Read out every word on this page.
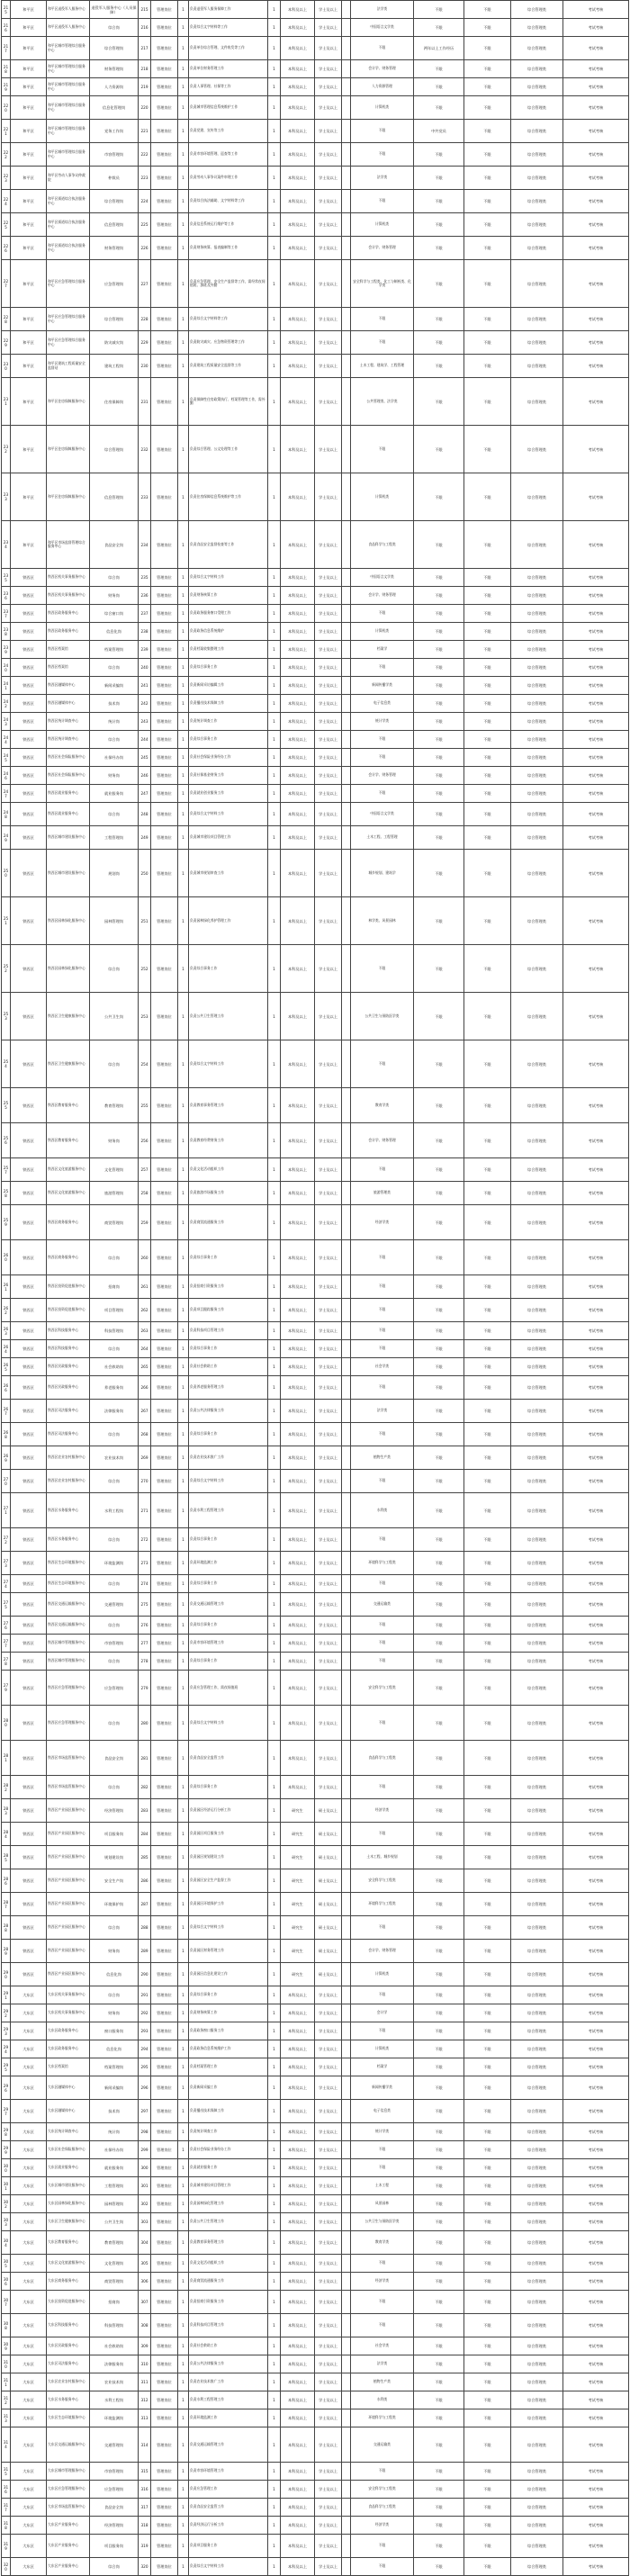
215	和平区	和平区退役军人服务中心	退役军人服务中心（人员保障）	215	管理岗位	1	负责退役军人服务保障工作	1	本科及以上	学士及以上		法学类	不限	不限	综合管理类	考试考核
216	和平区	和平区退役军人服务中心	综合岗	216	管理岗位	1	负责综合文字材料等工作	1	本科及以上	学士及以上		中国语言文学类	不限	不限	综合管理类	考试考核
217	和平区	和平区城市管理综合服务中心	综合管理岗	217	管理岗位	1	负责单位综合管理、文件收发等工作	1	本科及以上	学士及以上		不限	两年以上工作经历	不限	综合管理类	考试考核
218	和平区	和平区城市管理综合服务中心	财务管理岗	218	管理岗位	1	负责单位财务管理工作	1	本科及以上	学士及以上		会计学、财务管理	不限	不限	综合管理类	考试考核
219	和平区	和平区城市管理综合服务中心	人力资源岗	219	管理岗位	1	负责人事管理、社保等工作	1	本科及以上	学士及以上		人力资源管理	不限	不限	综合管理类	考试考核
220	和平区	和平区城市管理综合服务中心	信息化管理岗	220	管理岗位	1	负责城市管理信息系统维护工作	1	本科及以上	学士及以上		计算机类	不限	不限	综合管理类	考试考核
221	和平区	和平区城市管理综合服务中心	党务工作岗	221	管理岗位	1	负责党建、宣传等工作	1	本科及以上	学士及以上		不限	中共党员	不限	综合管理类	考试考核
222	和平区	和平区城市管理综合服务中心	市容管理岗	222	管理岗位	1	负责市容环境管理、巡查等工作	1	本科及以上	学士及以上		不限	不限	不限	综合管理类	考试考核
223	和平区	和平区劳动人事争议仲裁院	仲裁员	223	管理岗位	1	负责劳动人事争议案件审理工作	1	本科及以上	学士及以上		法学类	不限	不限	综合管理类	考试考核
224	和平区	和平区街道综合执法服务中心	综合管理岗	224	管理岗位	1	负责综合执法辅助、文字材料等工作	1	本科及以上	学士及以上		不限	不限	不限	综合管理类	考试考核
225	和平区	和平区街道综合执法服务中心	信息管理岗	225	管理岗位	1	负责信息系统运行维护等工作	1	本科及以上	学士及以上		计算机类	不限	不限	综合管理类	考试考核
226	和平区	和平区街道综合执法服务中心	财务管理岗	226	管理岗位	1	负责财务核算、报表编制等工作	1	本科及以上	学士及以上		会计学、财务管理	不限	不限	综合管理类	考试考核
227	和平区	和平区应急管理综合服务中心	应急管理岗	227	管理岗位	1	负责应急管理、安全生产监督等工作，需经常夜间值班、加班及外勤	1	本科及以上	学士及以上		安全科学与工程类、化工与制药类、化学类	不限	不限	综合管理类	考试考核
228	和平区	和平区应急管理综合服务中心	综合管理岗	228	管理岗位	1	负责综合文字材料等工作	1	本科及以上	学士及以上		不限	不限	不限	综合管理类	考试考核
229	和平区	和平区应急管理综合服务中心	防灾减灾岗	229	管理岗位	1	负责防灾减灾、应急物资管理等工作	1	本科及以上	学士及以上		不限	不限	不限	综合管理类	考试考核
230	和平区	和平区建筑工程质量安全监督站	建筑工程岗	230	管理岗位	1	负责建筑工程质量安全监督等工作	1	本科及以上	学士及以上		土木工程、建筑学、工程管理	不限	不限	综合管理类	考试考核
231	和平区	和平区住房保障服务中心	住房保障岗	231	管理岗位	1	负责保障性住房政策执行、档案管理等工作，需外勤	1	本科及以上	学士及以上		公共管理类、法学类	不限	不限	综合管理类	考试考核
232	和平区	和平区住房保障服务中心	综合管理岗	232	管理岗位	1	负责综合管理、公文处理等工作	1	本科及以上	学士及以上		不限	不限	不限	综合管理类	考试考核
233	和平区	和平区住房保障服务中心	信息管理岗	233	管理岗位	1	负责住房保障信息系统维护等工作	1	本科及以上	学士及以上		计算机类	不限	不限	综合管理类	考试考核
234	和平区	和平区市场监督管理综合服务中心	食品安全岗	234	管理岗位	1	负责食品安全监督检查等工作	1	本科及以上	学士及以上		食品科学与工程类	不限	不限	综合管理类	考试考核
235	铁西区	铁西区机关事务服务中心	综合岗	235	管理岗位	1	负责综合文字材料工作	1	本科及以上	学士及以上		中国语言文学类	不限	不限	综合管理类	考试考核
236	铁西区	铁西区机关事务服务中心	财务岗	236	管理岗位	1	负责财务核算工作	1	本科及以上	学士及以上		会计学、财务管理	不限	不限	综合管理类	考试考核
237	铁西区	铁西区政务服务中心	综合窗口岗	237	管理岗位	1	负责政务服务窗口受理工作	1	本科及以上	学士及以上		不限	不限	不限	综合管理类	考试考核
238	铁西区	铁西区政务服务中心	信息化岗	238	管理岗位	1	负责政务信息系统维护	1	本科及以上	学士及以上		计算机类	不限	不限	综合管理类	考试考核
239	铁西区	铁西区档案馆	档案管理岗	239	管理岗位	1	负责档案收集整理工作	1	本科及以上	学士及以上		档案学	不限	不限	综合管理类	考试考核
240	铁西区	铁西区档案馆	综合岗	240	管理岗位	1	负责综合事务工作	1	本科及以上	学士及以上		不限	不限	不限	综合管理类	考试考核
241	铁西区	铁西区融媒体中心	新闻采编岗	241	管理岗位	1	负责新闻采访编辑工作	1	本科及以上	学士及以上		新闻传播学类	不限	不限	综合管理类	考试考核
242	铁西区	铁西区融媒体中心	技术岗	242	管理岗位	1	负责播出技术保障工作	1	本科及以上	学士及以上		电子信息类	不限	不限	综合管理类	考试考核
243	铁西区	铁西区统计调查中心	统计岗	243	管理岗位	1	负责统计调查工作	1	本科及以上	学士及以上		统计学类	不限	不限	综合管理类	考试考核
244	铁西区	铁西区统计调查中心	综合岗	244	管理岗位	1	负责综合事务工作	1	本科及以上	学士及以上		不限	不限	不限	综合管理类	考试考核
245	铁西区	铁西区社会保险服务中心	社保经办岗	245	管理岗位	1	负责社会保险业务经办工作	1	本科及以上	学士及以上		不限	不限	不限	综合管理类	考试考核
246	铁西区	铁西区社会保险服务中心	财务岗	246	管理岗位	1	负责社保基金财务工作	1	本科及以上	学士及以上		会计学、财务管理	不限	不限	综合管理类	考试考核
247	铁西区	铁西区就业服务中心	就业服务岗	247	管理岗位	1	负责就业创业服务工作	1	本科及以上	学士及以上		不限	不限	不限	综合管理类	考试考核
248	铁西区	铁西区就业服务中心	综合岗	248	管理岗位	1	负责综合文字材料工作	1	本科及以上	学士及以上		中国语言文学类	不限	不限	综合管理类	考试考核
249	铁西区	铁西区城市建设服务中心	工程管理岗	249	管理岗位	1	负责城市建设项目管理工作	1	本科及以上	学士及以上		土木工程、工程管理	不限	不限	综合管理类	考试考核
250	铁西区	铁西区城市建设服务中心	规划岗	250	管理岗位	1	负责城市规划审查工作	1	本科及以上	学士及以上		城乡规划、建筑学	不限	不限	综合管理类	考试考核
251	铁西区	铁西区园林绿化服务中心	园林管理岗	251	管理岗位	1	负责园林绿化养护管理工作	1	本科及以上	学士及以上		林学类、风景园林	不限	不限	综合管理类	考试考核
252	铁西区	铁西区园林绿化服务中心	综合岗	252	管理岗位	1	负责综合事务工作	1	本科及以上	学士及以上		不限	不限	不限	综合管理类	考试考核
253	铁西区	铁西区卫生健康服务中心	公共卫生岗	253	管理岗位	1	负责公共卫生管理工作	1	本科及以上	学士及以上		公共卫生与预防医学类	不限	不限	综合管理类	考试考核
254	铁西区	铁西区卫生健康服务中心	综合岗	254	管理岗位	1	负责综合文字材料工作	1	本科及以上	学士及以上		不限	不限	不限	综合管理类	考试考核
255	铁西区	铁西区教育服务中心	教育管理岗	255	管理岗位	1	负责教育事务管理工作	1	本科及以上	学士及以上		教育学类	不限	不限	综合管理类	考试考核
256	铁西区	铁西区教育服务中心	财务岗	256	管理岗位	1	负责教育经费财务工作	1	本科及以上	学士及以上		会计学、财务管理	不限	不限	综合管理类	考试考核
257	铁西区	铁西区文化旅游服务中心	文化管理岗	257	管理岗位	1	负责文化活动组织工作	1	本科及以上	学士及以上		不限	不限	不限	综合管理类	考试考核
258	铁西区	铁西区文化旅游服务中心	旅游管理岗	258	管理岗位	1	负责旅游市场服务工作	1	本科及以上	学士及以上		旅游管理类	不限	不限	综合管理类	考试考核
259	铁西区	铁西区商务服务中心	商贸管理岗	259	管理岗位	1	负责商贸流通服务工作	1	本科及以上	学士及以上		经济学类	不限	不限	综合管理类	考试考核
260	铁西区	铁西区商务服务中心	综合岗	260	管理岗位	1	负责综合事务工作	1	本科及以上	学士及以上		不限	不限	不限	综合管理类	考试考核
261	铁西区	铁西区投资促进服务中心	招商岗	261	管理岗位	1	负责招商引资服务工作	1	本科及以上	学士及以上		不限	不限	不限	综合管理类	考试考核
262	铁西区	铁西区投资促进服务中心	项目管理岗	262	管理岗位	1	负责项目跟踪服务工作	1	本科及以上	学士及以上		不限	不限	不限	综合管理类	考试考核
263	铁西区	铁西区科技服务中心	科技管理岗	263	管理岗位	1	负责科技项目管理工作	1	本科及以上	学士及以上		不限	不限	不限	综合管理类	考试考核
264	铁西区	铁西区科技服务中心	综合岗	264	管理岗位	1	负责综合事务工作	1	本科及以上	学士及以上		不限	不限	不限	综合管理类	考试考核
265	铁西区	铁西区民政服务中心	社会救助岗	265	管理岗位	1	负责社会救助工作	1	本科及以上	学士及以上		社会学类	不限	不限	综合管理类	考试考核
266	铁西区	铁西区民政服务中心	养老服务岗	266	管理岗位	1	负责养老服务管理工作	1	本科及以上	学士及以上		不限	不限	不限	综合管理类	考试考核
267	铁西区	铁西区司法服务中心	法律服务岗	267	管理岗位	1	负责公共法律服务工作	1	本科及以上	学士及以上		法学类	不限	不限	综合管理类	考试考核
268	铁西区	铁西区司法服务中心	综合岗	268	管理岗位	1	负责综合事务工作	1	本科及以上	学士及以上		不限	不限	不限	综合管理类	考试考核
269	铁西区	铁西区农业农村服务中心	农业技术岗	269	管理岗位	1	负责农业技术推广工作	1	本科及以上	学士及以上		植物生产类	不限	不限	综合管理类	考试考核
270	铁西区	铁西区农业农村服务中心	综合岗	270	管理岗位	1	负责综合文字材料工作	1	本科及以上	学士及以上		不限	不限	不限	综合管理类	考试考核
271	铁西区	铁西区水务服务中心	水利工程岗	271	管理岗位	1	负责水利工程管理工作	1	本科及以上	学士及以上		水利类	不限	不限	综合管理类	考试考核
272	铁西区	铁西区水务服务中心	综合岗	272	管理岗位	1	负责综合事务工作	1	本科及以上	学士及以上		不限	不限	不限	综合管理类	考试考核
273	铁西区	铁西区生态环境服务中心	环境监测岗	273	管理岗位	1	负责环境监测工作	1	本科及以上	学士及以上		环境科学与工程类	不限	不限	综合管理类	考试考核
274	铁西区	铁西区生态环境服务中心	综合岗	274	管理岗位	1	负责综合事务工作	1	本科及以上	学士及以上		不限	不限	不限	综合管理类	考试考核
275	铁西区	铁西区交通运输服务中心	交通管理岗	275	管理岗位	1	负责交通运输管理工作	1	本科及以上	学士及以上		交通运输类	不限	不限	综合管理类	考试考核
276	铁西区	铁西区交通运输服务中心	综合岗	276	管理岗位	1	负责综合事务工作	1	本科及以上	学士及以上		不限	不限	不限	综合管理类	考试考核
277	铁西区	铁西区城市管理服务中心	市容管理岗	277	管理岗位	1	负责市容环境管理工作	1	本科及以上	学士及以上		不限	不限	不限	综合管理类	考试考核
278	铁西区	铁西区城市管理服务中心	综合岗	278	管理岗位	1	负责综合事务工作	1	本科及以上	学士及以上		不限	不限	不限	综合管理类	考试考核
279	铁西区	铁西区应急管理服务中心	应急管理岗	279	管理岗位	1	负责应急管理工作，需夜间值班	1	本科及以上	学士及以上		安全科学与工程类	不限	不限	综合管理类	考试考核
280	铁西区	铁西区应急管理服务中心	综合岗	280	管理岗位	1	负责综合文字材料工作	1	本科及以上	学士及以上		不限	不限	不限	综合管理类	考试考核
281	铁西区	铁西区市场监管服务中心	食品安全岗	281	管理岗位	1	负责食品安全监管工作	1	本科及以上	学士及以上		食品科学与工程类	不限	不限	综合管理类	考试考核
282	铁西区	铁西区市场监管服务中心	综合岗	282	管理岗位	1	负责综合事务工作	1	本科及以上	学士及以上		不限	不限	不限	综合管理类	考试考核
283	铁西区	铁西区产业园区服务中心	经济管理岗	283	管理岗位	1	负责园区经济运行分析工作	1	研究生	硕士及以上		经济学类	不限	不限	综合管理类	考试考核
284	铁西区	铁西区产业园区服务中心	项目服务岗	284	管理岗位	1	负责园区项目服务工作	1	研究生	硕士及以上		不限	不限	不限	综合管理类	考试考核
285	铁西区	铁西区产业园区服务中心	规划建设岗	285	管理岗位	1	负责园区规划建设工作	1	研究生	硕士及以上		土木工程、城乡规划	不限	不限	综合管理类	考试考核
286	铁西区	铁西区产业园区服务中心	安全生产岗	286	管理岗位	1	负责园区安全生产监督工作	1	研究生	硕士及以上		安全科学与工程类	不限	不限	综合管理类	考试考核
287	铁西区	铁西区产业园区服务中心	环境保护岗	287	管理岗位	1	负责园区环境保护工作	1	研究生	硕士及以上		环境科学与工程类	不限	不限	综合管理类	考试考核
288	铁西区	铁西区产业园区服务中心	综合岗	288	管理岗位	1	负责综合文字材料工作	1	研究生	硕士及以上		不限	不限	不限	综合管理类	考试考核
289	铁西区	铁西区产业园区服务中心	财务岗	289	管理岗位	1	负责园区财务管理工作	1	研究生	硕士及以上		会计学、财务管理	不限	不限	综合管理类	考试考核
290	铁西区	铁西区产业园区服务中心	信息化岗	290	管理岗位	1	负责园区信息化建设工作	1	研究生	硕士及以上		计算机类	不限	不限	综合管理类	考试考核
291	大东区	大东区机关事务服务中心	综合岗	291	管理岗位	1	负责综合事务工作	1	本科及以上	学士及以上		不限	不限	不限	综合管理类	考试考核
292	大东区	大东区机关事务服务中心	财务岗	292	管理岗位	1	负责财务核算工作	1	本科及以上	学士及以上		会计学	不限	不限	综合管理类	考试考核
293	大东区	大东区政务服务中心	窗口服务岗	293	管理岗位	1	负责政务窗口服务工作	1	本科及以上	学士及以上		不限	不限	不限	综合管理类	考试考核
294	大东区	大东区政务服务中心	信息化岗	294	管理岗位	1	负责政务信息系统维护工作	1	本科及以上	学士及以上		计算机类	不限	不限	综合管理类	考试考核
295	大东区	大东区档案馆	档案管理岗	295	管理岗位	1	负责档案管理工作	1	本科及以上	学士及以上		档案学	不限	不限	综合管理类	考试考核
296	大东区	大东区融媒体中心	新闻采编岗	296	管理岗位	1	负责新闻采编工作	1	本科及以上	学士及以上		新闻传播学类	不限	不限	综合管理类	考试考核
297	大东区	大东区融媒体中心	技术岗	297	管理岗位	1	负责播出技术保障工作	1	本科及以上	学士及以上		电子信息类	不限	不限	综合管理类	考试考核
298	大东区	大东区统计调查中心	统计岗	298	管理岗位	1	负责统计调查工作	1	本科及以上	学士及以上		统计学类	不限	不限	综合管理类	考试考核
299	大东区	大东区社会保险服务中心	社保经办岗	299	管理岗位	1	负责社会保险业务经办工作	1	本科及以上	学士及以上		不限	不限	不限	综合管理类	考试考核
300	大东区	大东区就业服务中心	就业服务岗	300	管理岗位	1	负责就业服务工作	1	本科及以上	学士及以上		不限	不限	不限	综合管理类	考试考核
301	大东区	大东区城市建设服务中心	工程管理岗	301	管理岗位	1	负责城市建设项目管理工作	1	本科及以上	学士及以上		土木工程	不限	不限	综合管理类	考试考核
302	大东区	大东区园林绿化服务中心	园林管理岗	302	管理岗位	1	负责园林绿化管理工作	1	本科及以上	学士及以上		风景园林	不限	不限	综合管理类	考试考核
303	大东区	大东区卫生健康服务中心	公共卫生岗	303	管理岗位	1	负责公共卫生管理工作	1	本科及以上	学士及以上		公共卫生与预防医学类	不限	不限	综合管理类	考试考核
304	大东区	大东区教育服务中心	教育管理岗	304	管理岗位	1	负责教育事务管理工作	1	本科及以上	学士及以上		教育学类	不限	不限	综合管理类	考试考核
305	大东区	大东区文化旅游服务中心	文化管理岗	305	管理岗位	1	负责文化活动组织工作	1	本科及以上	学士及以上		不限	不限	不限	综合管理类	考试考核
306	大东区	大东区商务服务中心	商贸管理岗	306	管理岗位	1	负责商贸流通服务工作	1	本科及以上	学士及以上		经济学类	不限	不限	综合管理类	考试考核
307	大东区	大东区投资促进服务中心	招商岗	307	管理岗位	1	负责招商引资服务工作	1	本科及以上	学士及以上		不限	不限	不限	综合管理类	考试考核
308	大东区	大东区科技服务中心	科技管理岗	308	管理岗位	1	负责科技项目管理工作	1	本科及以上	学士及以上		不限	不限	不限	综合管理类	考试考核
309	大东区	大东区民政服务中心	社会救助岗	309	管理岗位	1	负责社会救助工作	1	本科及以上	学士及以上		社会学类	不限	不限	综合管理类	考试考核
310	大东区	大东区司法服务中心	法律服务岗	310	管理岗位	1	负责公共法律服务工作	1	本科及以上	学士及以上		法学类	不限	不限	综合管理类	考试考核
311	大东区	大东区农业农村服务中心	农业技术岗	311	管理岗位	1	负责农业技术推广工作	1	本科及以上	学士及以上		植物生产类	不限	不限	综合管理类	考试考核
312	大东区	大东区水务服务中心	水利工程岗	312	管理岗位	1	负责水利工程管理工作	1	本科及以上	学士及以上		水利类	不限	不限	综合管理类	考试考核
313	大东区	大东区生态环境服务中心	环境监测岗	313	管理岗位	1	负责环境监测工作	1	本科及以上	学士及以上		环境科学与工程类	不限	不限	综合管理类	考试考核
314	大东区	大东区交通运输服务中心	交通管理岗	314	管理岗位	1	负责交通运输管理工作	1	本科及以上	学士及以上		交通运输类	不限	不限	综合管理类	考试考核
315	大东区	大东区城市管理服务中心	市容管理岗	315	管理岗位	1	负责市容环境管理工作	1	本科及以上	学士及以上		不限	不限	不限	综合管理类	考试考核
316	大东区	大东区应急管理服务中心	应急管理岗	316	管理岗位	1	负责应急管理工作	1	本科及以上	学士及以上		安全科学与工程类	不限	不限	综合管理类	考试考核
317	大东区	大东区市场监管服务中心	食品安全岗	317	管理岗位	1	负责食品安全监管工作	1	本科及以上	学士及以上		食品科学与工程类	不限	不限	综合管理类	考试考核
318	大东区	大东区产业服务中心	经济管理岗	318	管理岗位	1	负责经济运行分析工作	1	本科及以上	学士及以上		经济学类	不限	不限	综合管理类	考试考核
319	大东区	大东区产业服务中心	项目服务岗	319	管理岗位	1	负责项目服务工作	1	本科及以上	学士及以上		不限	不限	不限	综合管理类	考试考核
320	大东区	大东区产业服务中心	综合岗	320	管理岗位	1	负责综合文字材料工作	1	本科及以上	学士及以上		不限	不限	不限	综合管理类	考试考核
